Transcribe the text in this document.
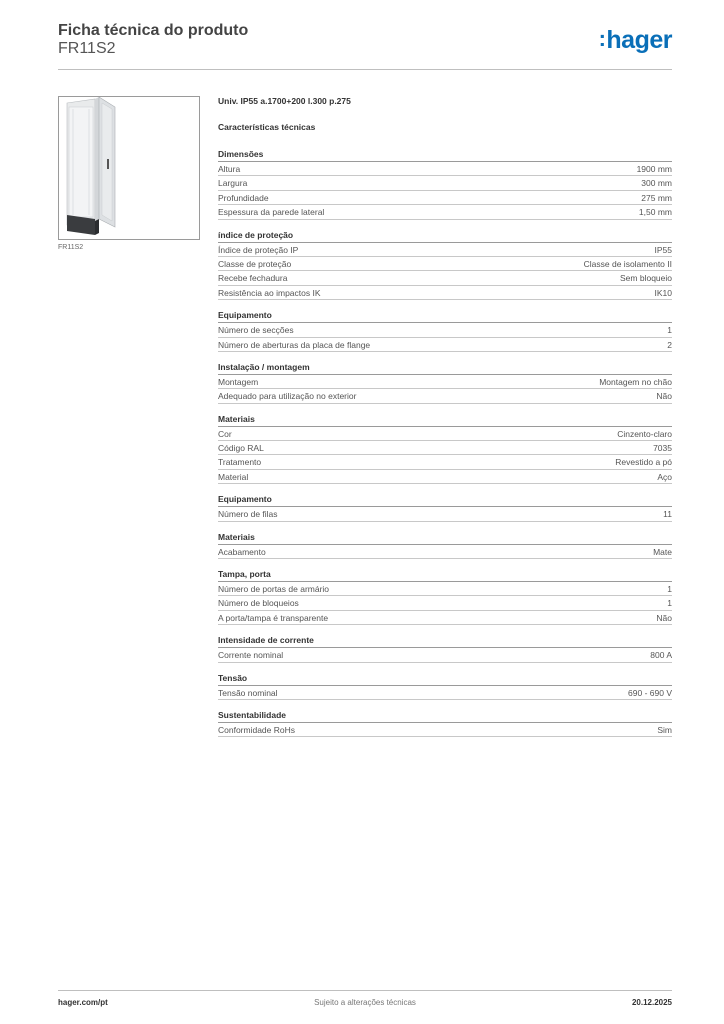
Ficha técnica do produto
FR11S2	:hager
FR11S2
Univ. IP55 a.1700+200 l.300 p.275
Características técnicas
Dimensões
Altura	1900 mm
Largura	300 mm
Profundidade	275 mm
Espessura da parede lateral	1,50 mm
índice de proteção
Índice de proteção IP	IP55
Classe de proteção	Classe de isolamento II
Recebe fechadura	Sem bloqueio
Resistência ao impactos IK	IK10
Equipamento
Número de secções	1
Número de aberturas da placa de flange	2
Instalação / montagem
Montagem	Montagem no chão
Adequado para utilização no exterior	Não
Materiais
Cor	Cinzento-claro
Código RAL	7035
Tratamento	Revestido a pó
Material	Aço
Equipamento
Número de filas	11
Materiais
Acabamento	Mate
Tampa, porta
Número de portas de armário	1
Número de bloqueios	1
A porta/tampa é transparente	Não
Intensidade de corrente
Corrente nominal	800 A
Tensão
Tensão nominal	690 - 690 V
Sustentabilidade
Conformidade RoHs	Sim
hager.com/pt	Sujeito a alterações técnicas	20.12.2025
